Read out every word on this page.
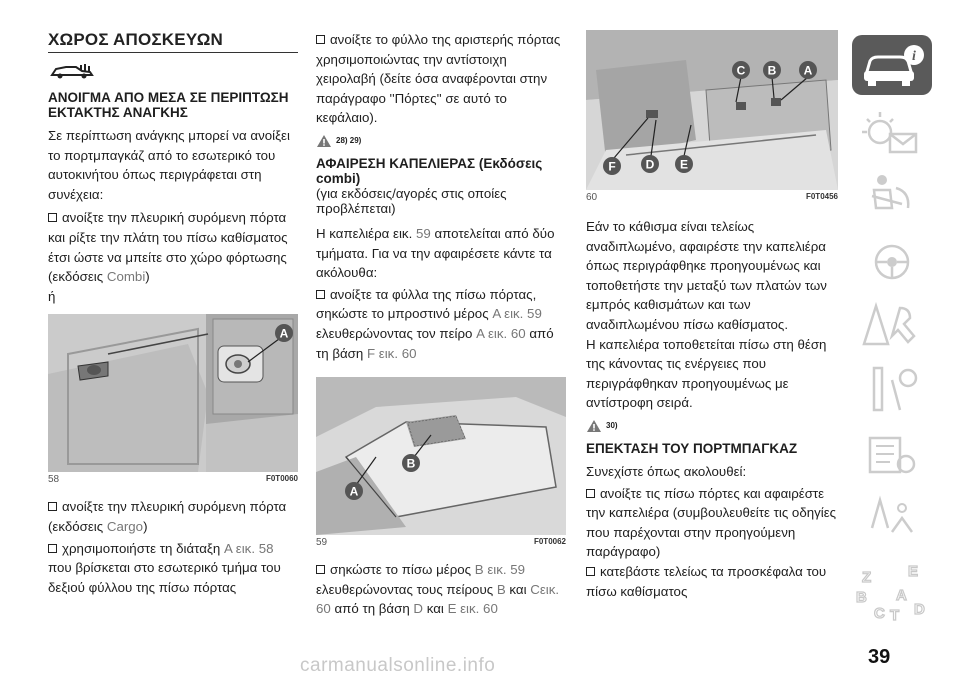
ΧΩΡΟΣ ΑΠΟΣΚΕΥΩΝ
ΑΝΟΙΓΜΑ ΑΠΟ ΜΕΣΑ ΣΕ ΠΕΡΙΠΤΩΣΗ ΕΚΤΑΚΤΗΣ ΑΝΑΓΚΗΣ

Σε περίπτωση ανάγκης μπορεί να ανοίξει το πορτμπαγκάζ από το εσωτερικό του αυτοκινήτου όπως περιγράφεται στη συνέχεια:

ανοίξτε την πλευρική συρόμενη πόρτα και ρίξτε την πλάτη του πίσω καθίσματος έτσι ώστε να μπείτε στο χώρο φόρτωσης (εκδόσεις Combi)
ή

A
58	F0T0060

ανοίξτε την πλευρική συρόμενη πόρτα (εκδόσεις Cargo)

χρησιμοποιήστε τη διάταξη A εικ. 58 που βρίσκεται στο εσωτερικό τμήμα του δεξιού φύλλου της πίσω πόρτας

ανοίξτε το φύλλο της αριστερής πόρτας χρησιμοποιώντας την αντίστοιχη χειρολαβή (δείτε όσα αναφέρονται στην παράγραφο ''Πόρτες'' σε αυτό το κεφάλαιο).

28) 29)
ΑΦΑΙΡΕΣΗ ΚΑΠΕΛΙΕΡΑΣ (Εκδόσεις combi)

(για εκδόσεις/αγορές στις οποίες προβλέπεται)

Η καπελιέρα εικ. 59 αποτελείται από δύο τμήματα. Για να την αφαιρέσετε κάντε τα ακόλουθα:

ανοίξτε τα φύλλα της πίσω πόρτας, σηκώστε το μπροστινό μέρος A εικ. 59 ελευθερώνοντας τον πείρο A εικ. 60 από τη βάση F εικ. 60

A
B
59	F0T0062

σηκώστε το πίσω μέρος B εικ. 59 ελευθερώνοντας τους πείρους B και Cεικ. 60 από τη βάση D και E εικ. 60

C B A
F D E
60	F0T0456

Εάν το κάθισμα είναι τελείως αναδιπλωμένο, αφαιρέστε την καπελιέρα όπως περιγράφθηκε προηγουμένως και τοποθετήστε την μεταξύ των πλατών των εμπρός καθισμάτων και των αναδιπλωμένου πίσω καθίσματος.

Η καπελιέρα τοποθετείται πίσω στη θέση της κάνοντας τις ενέργειες που περιγράφθηκαν προηγουμένως με αντίστροφη σειρά.

30)
ΕΠΕΚΤΑΣΗ ΤΟΥ ΠΟΡΤΜΠΑΓΚΑΖ

Συνεχίστε όπως ακολουθεί:

ανοίξτε τις πίσω πόρτες και αφαιρέστε την καπελιέρα (συμβουλευθείτε τις οδηγίες που παρέχονται στην προηγούμενη παράγραφο)

κατεβάστε τελείως τα προσκέφαλα του πίσω καθίσματος

i
Z E
B A
C T D
39
carmanualsonline.info
